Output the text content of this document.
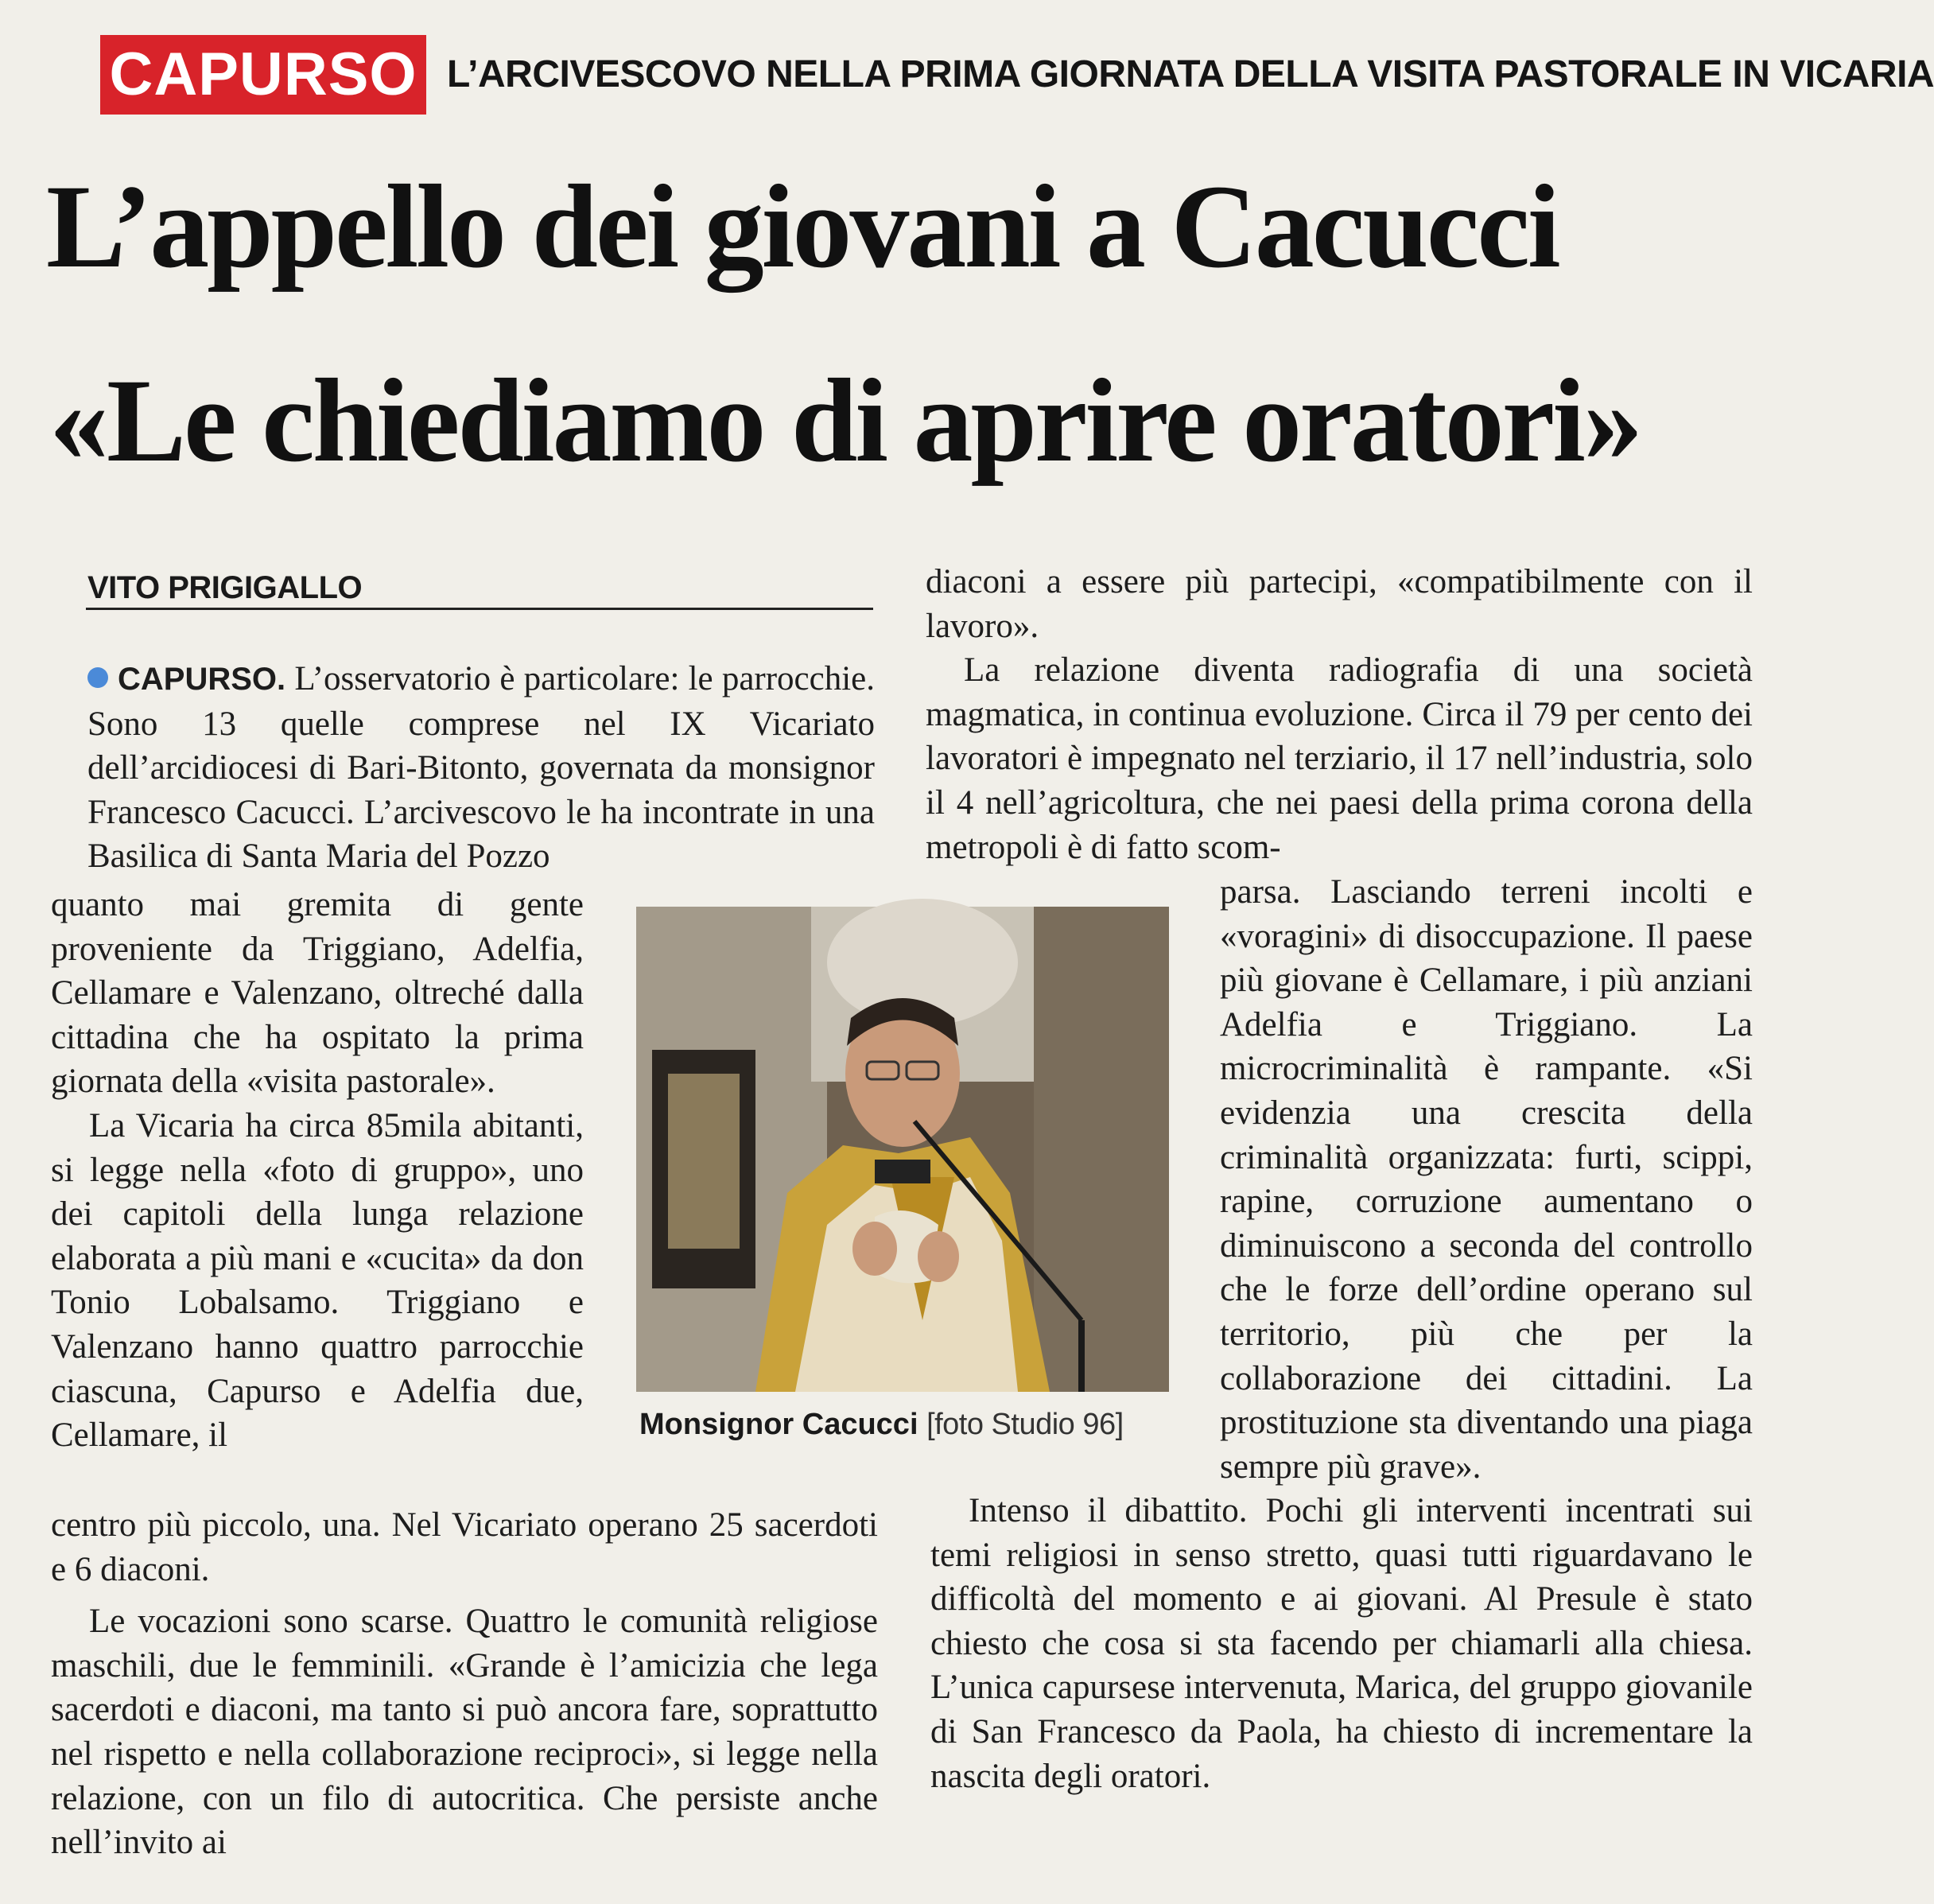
CAPURSO L’ARCIVESCOVO NELLA PRIMA GIORNATA DELLA VISITA PASTORALE IN VICARIA
L’appello dei giovani a Cacucci
«Le chiediamo di aprire oratori»
VITO PRIGIGALLO

CAPURSO. L’osservatorio è particolare: le parrocchie. Sono 13 quelle comprese nel IX Vicariato dell’arcidiocesi di Bari-Bitonto, governata da monsignor Francesco Cacucci. L’arcivescovo le ha incontrate in una Basilica di Santa Maria del Pozzo

quanto mai gremita di gente proveniente da Triggiano, Adelfia, Cellamare e Valenzano, oltreché dalla cittadina che ha ospitato la prima giornata della «visita pastorale».

La Vicaria ha circa 85mila abitanti, si legge nella «foto di gruppo», uno dei capitoli della lunga relazione elaborata a più mani e «cucita» da don Tonio Lobalsamo. Triggiano e Valenzano hanno quattro parrocchie ciascuna, Capurso e Adelfia due, Cellamare, il

centro più piccolo, una. Nel Vicariato operano 25 sacerdoti e 6 diaconi.

Le vocazioni sono scarse. Quattro le comunità religiose maschili, due le femminili. «Grande è l’amicizia che lega sacerdoti e diaconi, ma tanto si può ancora fare, soprattutto nel rispetto e nella collaborazione reciproci», si legge nella relazione, con un filo di autocritica. Che persiste anche nell’invito ai

Monsignor Cacucci [foto Studio 96]

diaconi a essere più partecipi, «compatibilmente con il lavoro».

La relazione diventa radiografia di una società magmatica, in continua evoluzione. Circa il 79 per cento dei lavoratori è impegnato nel terziario, il 17 nell’industria, solo il 4 nell’agricoltura, che nei paesi della prima corona della metropoli è di fatto scom-

parsa. Lasciando terreni incolti e «voragini» di disoccupazione. Il paese più giovane è Cellamare, i più anziani Adelfia e Triggiano. La microcriminalità è rampante. «Si evidenzia una crescita della criminalità organizzata: furti, scippi, rapine, corruzione aumentano o diminuiscono a seconda del controllo che le forze dell’ordine operano sul territorio, più che per la collaborazione dei cittadini. La prostituzione sta diventando una piaga sempre più grave».

Intenso il dibattito. Pochi gli interventi incentrati sui temi religiosi in senso stretto, quasi tutti riguardavano le difficoltà del momento e ai giovani. Al Presule è stato chiesto che cosa si sta facendo per chiamarli alla chiesa. L’unica capursese intervenuta, Marica, del gruppo giovanile di San Francesco da Paola, ha chiesto di incrementare la nascita degli oratori.
